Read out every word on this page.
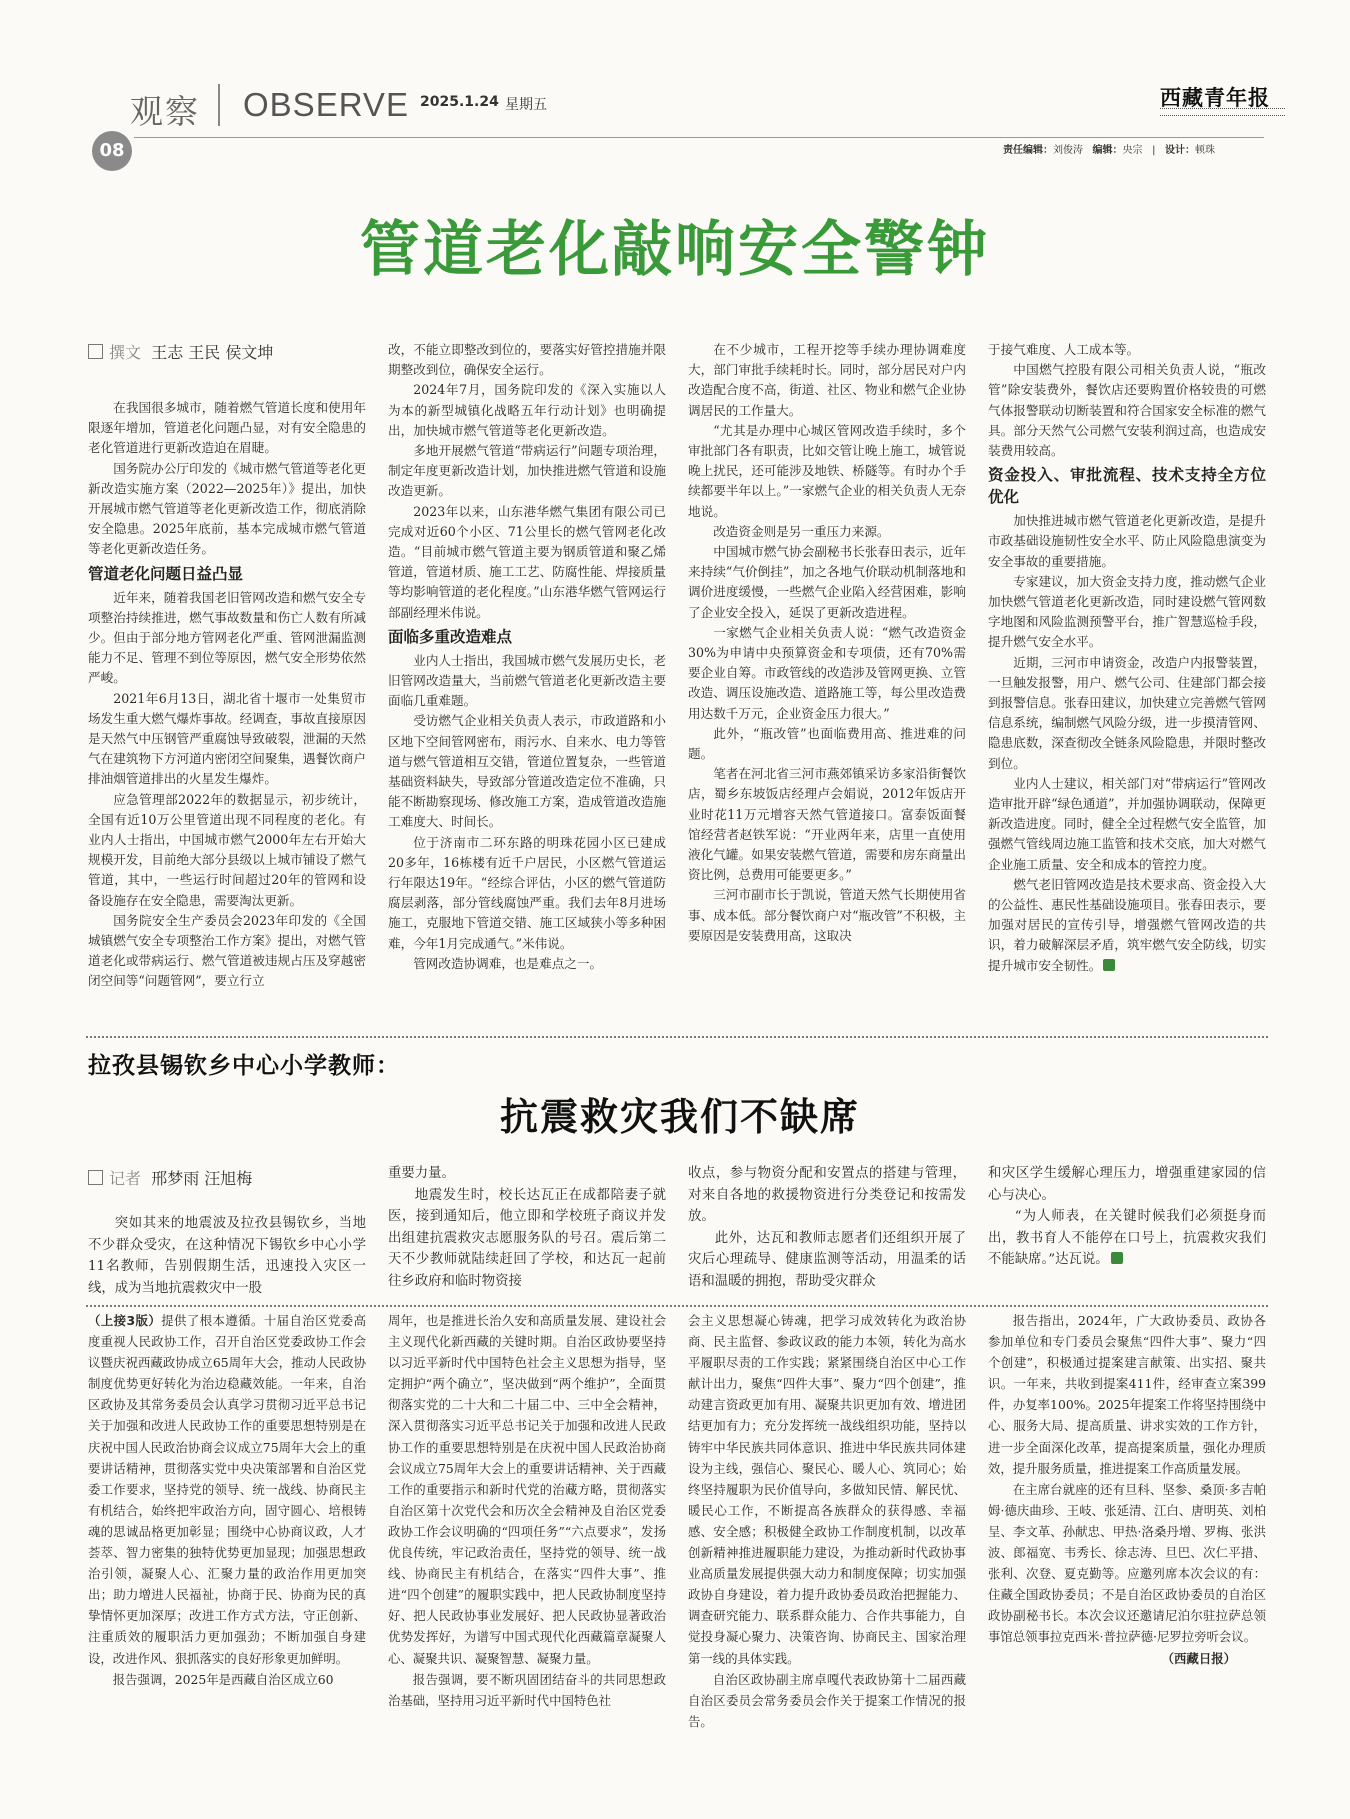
观察 OBSERVE 2025.1.24 星期五	西藏青年报
08	责任编辑：刘俊涛 编辑：央宗   |   设计：顿珠
管道老化敲响安全警钟
撰文 王志 王民 侯文坤

在我国很多城市，随着燃气管道长度和使用年限逐年增加，管道老化问题凸显，对有安全隐患的老化管道进行更新改造迫在眉睫。

国务院办公厅印发的《城市燃气管道等老化更新改造实施方案（2022—2025年）》提出，加快开展城市燃气管道等老化更新改造工作，彻底消除安全隐患。2025年底前，基本完成城市燃气管道等老化更新改造任务。

管道老化问题日益凸显

近年来，随着我国老旧管网改造和燃气安全专项整治持续推进，燃气事故数量和伤亡人数有所减少。但由于部分地方管网老化严重、管网泄漏监测能力不足、管理不到位等原因，燃气安全形势依然严峻。

2021年6月13日，湖北省十堰市一处集贸市场发生重大燃气爆炸事故。经调查，事故直接原因是天然气中压钢管严重腐蚀导致破裂，泄漏的天然气在建筑物下方河道内密闭空间聚集，遇餐饮商户排油烟管道排出的火星发生爆炸。

应急管理部2022年的数据显示，初步统计，全国有近10万公里管道出现不同程度的老化。有业内人士指出，中国城市燃气2000年左右开始大规模开发，目前绝大部分县级以上城市铺设了燃气管道，其中，一些运行时间超过20年的管网和设备设施存在安全隐患，需要淘汰更新。

国务院安全生产委员会2023年印发的《全国城镇燃气安全专项整治工作方案》提出，对燃气管道老化或带病运行、燃气管道被违规占压及穿越密闭空间等“问题管网”，要立行立

改，不能立即整改到位的，要落实好管控措施并限期整改到位，确保安全运行。

2024年7月，国务院印发的《深入实施以人为本的新型城镇化战略五年行动计划》也明确提出，加快城市燃气管道等老化更新改造。

多地开展燃气管道“带病运行”问题专项治理，制定年度更新改造计划，加快推进燃气管道和设施改造更新。

2023年以来，山东港华燃气集团有限公司已完成对近60个小区、71公里长的燃气管网老化改造。“目前城市燃气管道主要为钢质管道和聚乙烯管道，管道材质、施工工艺、防腐性能、焊接质量等均影响管道的老化程度。”山东港华燃气管网运行部副经理米伟说。

面临多重改造难点

业内人士指出，我国城市燃气发展历史长，老旧管网改造量大，当前燃气管道老化更新改造主要面临几重难题。

受访燃气企业相关负责人表示，市政道路和小区地下空间管网密布，雨污水、自来水、电力等管道与燃气管道相互交错，管道位置复杂，一些管道基础资料缺失，导致部分管道改造定位不准确，只能不断勘察现场、修改施工方案，造成管道改造施工难度大、时间长。

位于济南市二环东路的明珠花园小区已建成20多年，16栋楼有近千户居民，小区燃气管道运行年限达19年。“经综合评估，小区的燃气管道防腐层剥落，部分管线腐蚀严重。我们去年8月进场施工，克服地下管道交错、施工区域狭小等多种困难，今年1月完成通气。”米伟说。

管网改造协调难，也是难点之一。

在不少城市，工程开挖等手续办理协调难度大，部门审批手续耗时长。同时，部分居民对户内改造配合度不高，街道、社区、物业和燃气企业协调居民的工作量大。

“尤其是办理中心城区管网改造手续时，多个审批部门各有职责，比如交管让晚上施工，城管说晚上扰民，还可能涉及地铁、桥隧等。有时办个手续都要半年以上。”一家燃气企业的相关负责人无奈地说。

改造资金则是另一重压力来源。

中国城市燃气协会副秘书长张春田表示，近年来持续“气价倒挂”，加之各地气价联动机制落地和调价进度缓慢，一些燃气企业陷入经营困难，影响了企业安全投入，延误了更新改造进程。

一家燃气企业相关负责人说：“燃气改造资金30%为申请中央预算资金和专项债，还有70%需要企业自筹。市政管线的改造涉及管网更换、立管改造、调压设施改造、道路施工等，每公里改造费用达数千万元，企业资金压力很大。”

此外，“瓶改管”也面临费用高、推进难的问题。

笔者在河北省三河市燕郊镇采访多家沿街餐饮店，蜀乡东坡饭店经理卢会娟说，2012年饭店开业时花11万元增容天然气管道接口。富泰饭面餐馆经营者赵铁军说：“开业两年来，店里一直使用液化气罐。如果安装燃气管道，需要和房东商量出资比例，总费用可能要更多。”

三河市副市长于凯说，管道天然气长期使用省事、成本低。部分餐饮商户对“瓶改管”不积极，主要原因是安装费用高，这取决

于接气难度、人工成本等。

中国燃气控股有限公司相关负责人说，“瓶改管”除安装费外，餐饮店还要购置价格较贵的可燃气体报警联动切断装置和符合国家安全标准的燃气具。部分天然气公司燃气安装利润过高，也造成安装费用较高。

资金投入、审批流程、技术支持全方位优化

加快推进城市燃气管道老化更新改造，是提升市政基础设施韧性安全水平、防止风险隐患演变为安全事故的重要措施。

专家建议，加大资金支持力度，推动燃气企业加快燃气管道老化更新改造，同时建设燃气管网数字地图和风险监测预警平台，推广智慧巡检手段，提升燃气安全水平。

近期，三河市申请资金，改造户内报警装置，一旦触发报警，用户、燃气公司、住建部门都会接到报警信息。张春田建议，加快建立完善燃气管网信息系统，编制燃气风险分级，进一步摸清管网、隐患底数，深查彻改全链条风险隐患，并限时整改到位。

业内人士建议，相关部门对“带病运行”管网改造审批开辟“绿色通道”，并加强协调联动，保障更新改造进度。同时，健全全过程燃气安全监管，加强燃气管线周边施工监管和技术交底，加大对燃气企业施工质量、安全和成本的管控力度。

燃气老旧管网改造是技术要求高、资金投入大的公益性、惠民性基础设施项目。张春田表示，要加强对居民的宣传引导，增强燃气管网改造的共识，着力破解深层矛盾，筑牢燃气安全防线，切实提升城市安全韧性。

拉孜县锡钦乡中心小学教师：
抗震救灾我们不缺席
记者 邢梦雨 汪旭梅

突如其来的地震波及拉孜县锡钦乡，当地不少群众受灾，在这种情况下锡钦乡中心小学11名教师，告别假期生活，迅速投入灾区一线，成为当地抗震救灾中一股

重要力量。

地震发生时，校长达瓦正在成都陪妻子就医，接到通知后，他立即和学校班子商议并发出组建抗震救灾志愿服务队的号召。震后第二天不少教师就陆续赶回了学校，和达瓦一起前往乡政府和临时物资接

收点，参与物资分配和安置点的搭建与管理，对来自各地的救援物资进行分类登记和按需发放。

此外，达瓦和教师志愿者们还组织开展了灾后心理疏导、健康监测等活动，用温柔的话语和温暖的拥抱，帮助受灾群众

和灾区学生缓解心理压力，增强重建家园的信心与决心。

“为人师表，在关键时候我们必须挺身而出，教书育人不能停在口号上，抗震救灾我们不能缺席。”达瓦说。

（上接3版）提供了根本遵循。十届自治区党委高度重视人民政协工作，召开自治区党委政协工作会议暨庆祝西藏政协成立65周年大会，推动人民政协制度优势更好转化为治边稳藏效能。一年来，自治区政协及其常务委员会认真学习贯彻习近平总书记关于加强和改进人民政协工作的重要思想特别是在庆祝中国人民政治协商会议成立75周年大会上的重要讲话精神，贯彻落实党中央决策部署和自治区党委工作要求，坚持党的领导、统一战线、协商民主有机结合，始终把牢政治方向，固守圆心、培根铸魂的思诚品格更加彰显；围绕中心协商议政，人才荟萃、智力密集的独特优势更加显现；加强思想政治引领，凝聚人心、汇聚力量的政治作用更加突出；助力增进人民福祉，协商于民、协商为民的真挚情怀更加深厚；改进工作方式方法，守正创新、注重质效的履职活力更加强劲；不断加强自身建设，改进作风、狠抓落实的良好形象更加鲜明。

报告强调，2025年是西藏自治区成立60

周年，也是推进长治久安和高质量发展、建设社会主义现代化新西藏的关键时期。自治区政协要坚持以习近平新时代中国特色社会主义思想为指导，坚定拥护“两个确立”，坚决做到“两个维护”，全面贯彻落实党的二十大和二十届二中、三中全会精神，深入贯彻落实习近平总书记关于加强和改进人民政协工作的重要思想特别是在庆祝中国人民政治协商会议成立75周年大会上的重要讲话精神、关于西藏工作的重要指示和新时代党的治藏方略，贯彻落实自治区第十次党代会和历次全会精神及自治区党委政协工作会议明确的“四项任务”“六点要求”，发扬优良传统，牢记政治责任，坚持党的领导、统一战线、协商民主有机结合，在落实“四件大事”、推进“四个创建”的履职实践中，把人民政协制度坚持好、把人民政协事业发展好、把人民政协显著政治优势发挥好，为谱写中国式现代化西藏篇章凝聚人心、凝聚共识、凝聚智慧、凝聚力量。

报告强调，要不断巩固团结奋斗的共同思想政治基础，坚持用习近平新时代中国特色社

会主义思想凝心铸魂，把学习成效转化为政治协商、民主监督、参政议政的能力本领，转化为高水平履职尽责的工作实践；紧紧围绕自治区中心工作献计出力，聚焦“四件大事”、聚力“四个创建”，推动建言资政更加有用、凝聚共识更加有效、增进团结更加有力；充分发挥统一战线组织功能，坚持以铸牢中华民族共同体意识、推进中华民族共同体建设为主线，强信心、聚民心、暖人心、筑同心；始终坚持履职为民价值导向，多做知民情、解民忧、暖民心工作，不断提高各族群众的获得感、幸福感、安全感；积极健全政协工作制度机制，以改革创新精神推进履职能力建设，为推动新时代政协事业高质量发展提供强大动力和制度保障；切实加强政协自身建设，着力提升政协委员政治把握能力、调查研究能力、联系群众能力、合作共事能力，自觉投身凝心聚力、决策咨询、协商民主、国家治理第一线的具体实践。

自治区政协副主席卓嘎代表政协第十二届西藏自治区委员会常务委员会作关于提案工作情况的报告。

报告指出，2024年，广大政协委员、政协各参加单位和专门委员会聚焦“四件大事”、聚力“四个创建”，积极通过提案建言献策、出实招、聚共识。一年来，共收到提案411件，经审查立案399件，办复率100%。2025年提案工作将坚持围绕中心、服务大局、提高质量、讲求实效的工作方针，进一步全面深化改革，提高提案质量，强化办理质效，提升服务质量，推进提案工作高质量发展。

在主席台就座的还有旦科、坚参、桑顶·多吉帕姆·德庆曲珍、王岐、张延清、江白、唐明英、刘柏呈、李文革、孙献忠、甲热·洛桑丹增、罗梅、张洪波、郎福宽、韦秀长、徐志涛、旦巴、次仁平措、张利、次登、夏克勤等。应邀列席本次会议的有：住藏全国政协委员；不是自治区政协委员的自治区政协副秘书长。本次会议还邀请尼泊尔驻拉萨总领事馆总领事拉克西米·普拉萨德·尼罗拉旁听会议。

（西藏日报）
